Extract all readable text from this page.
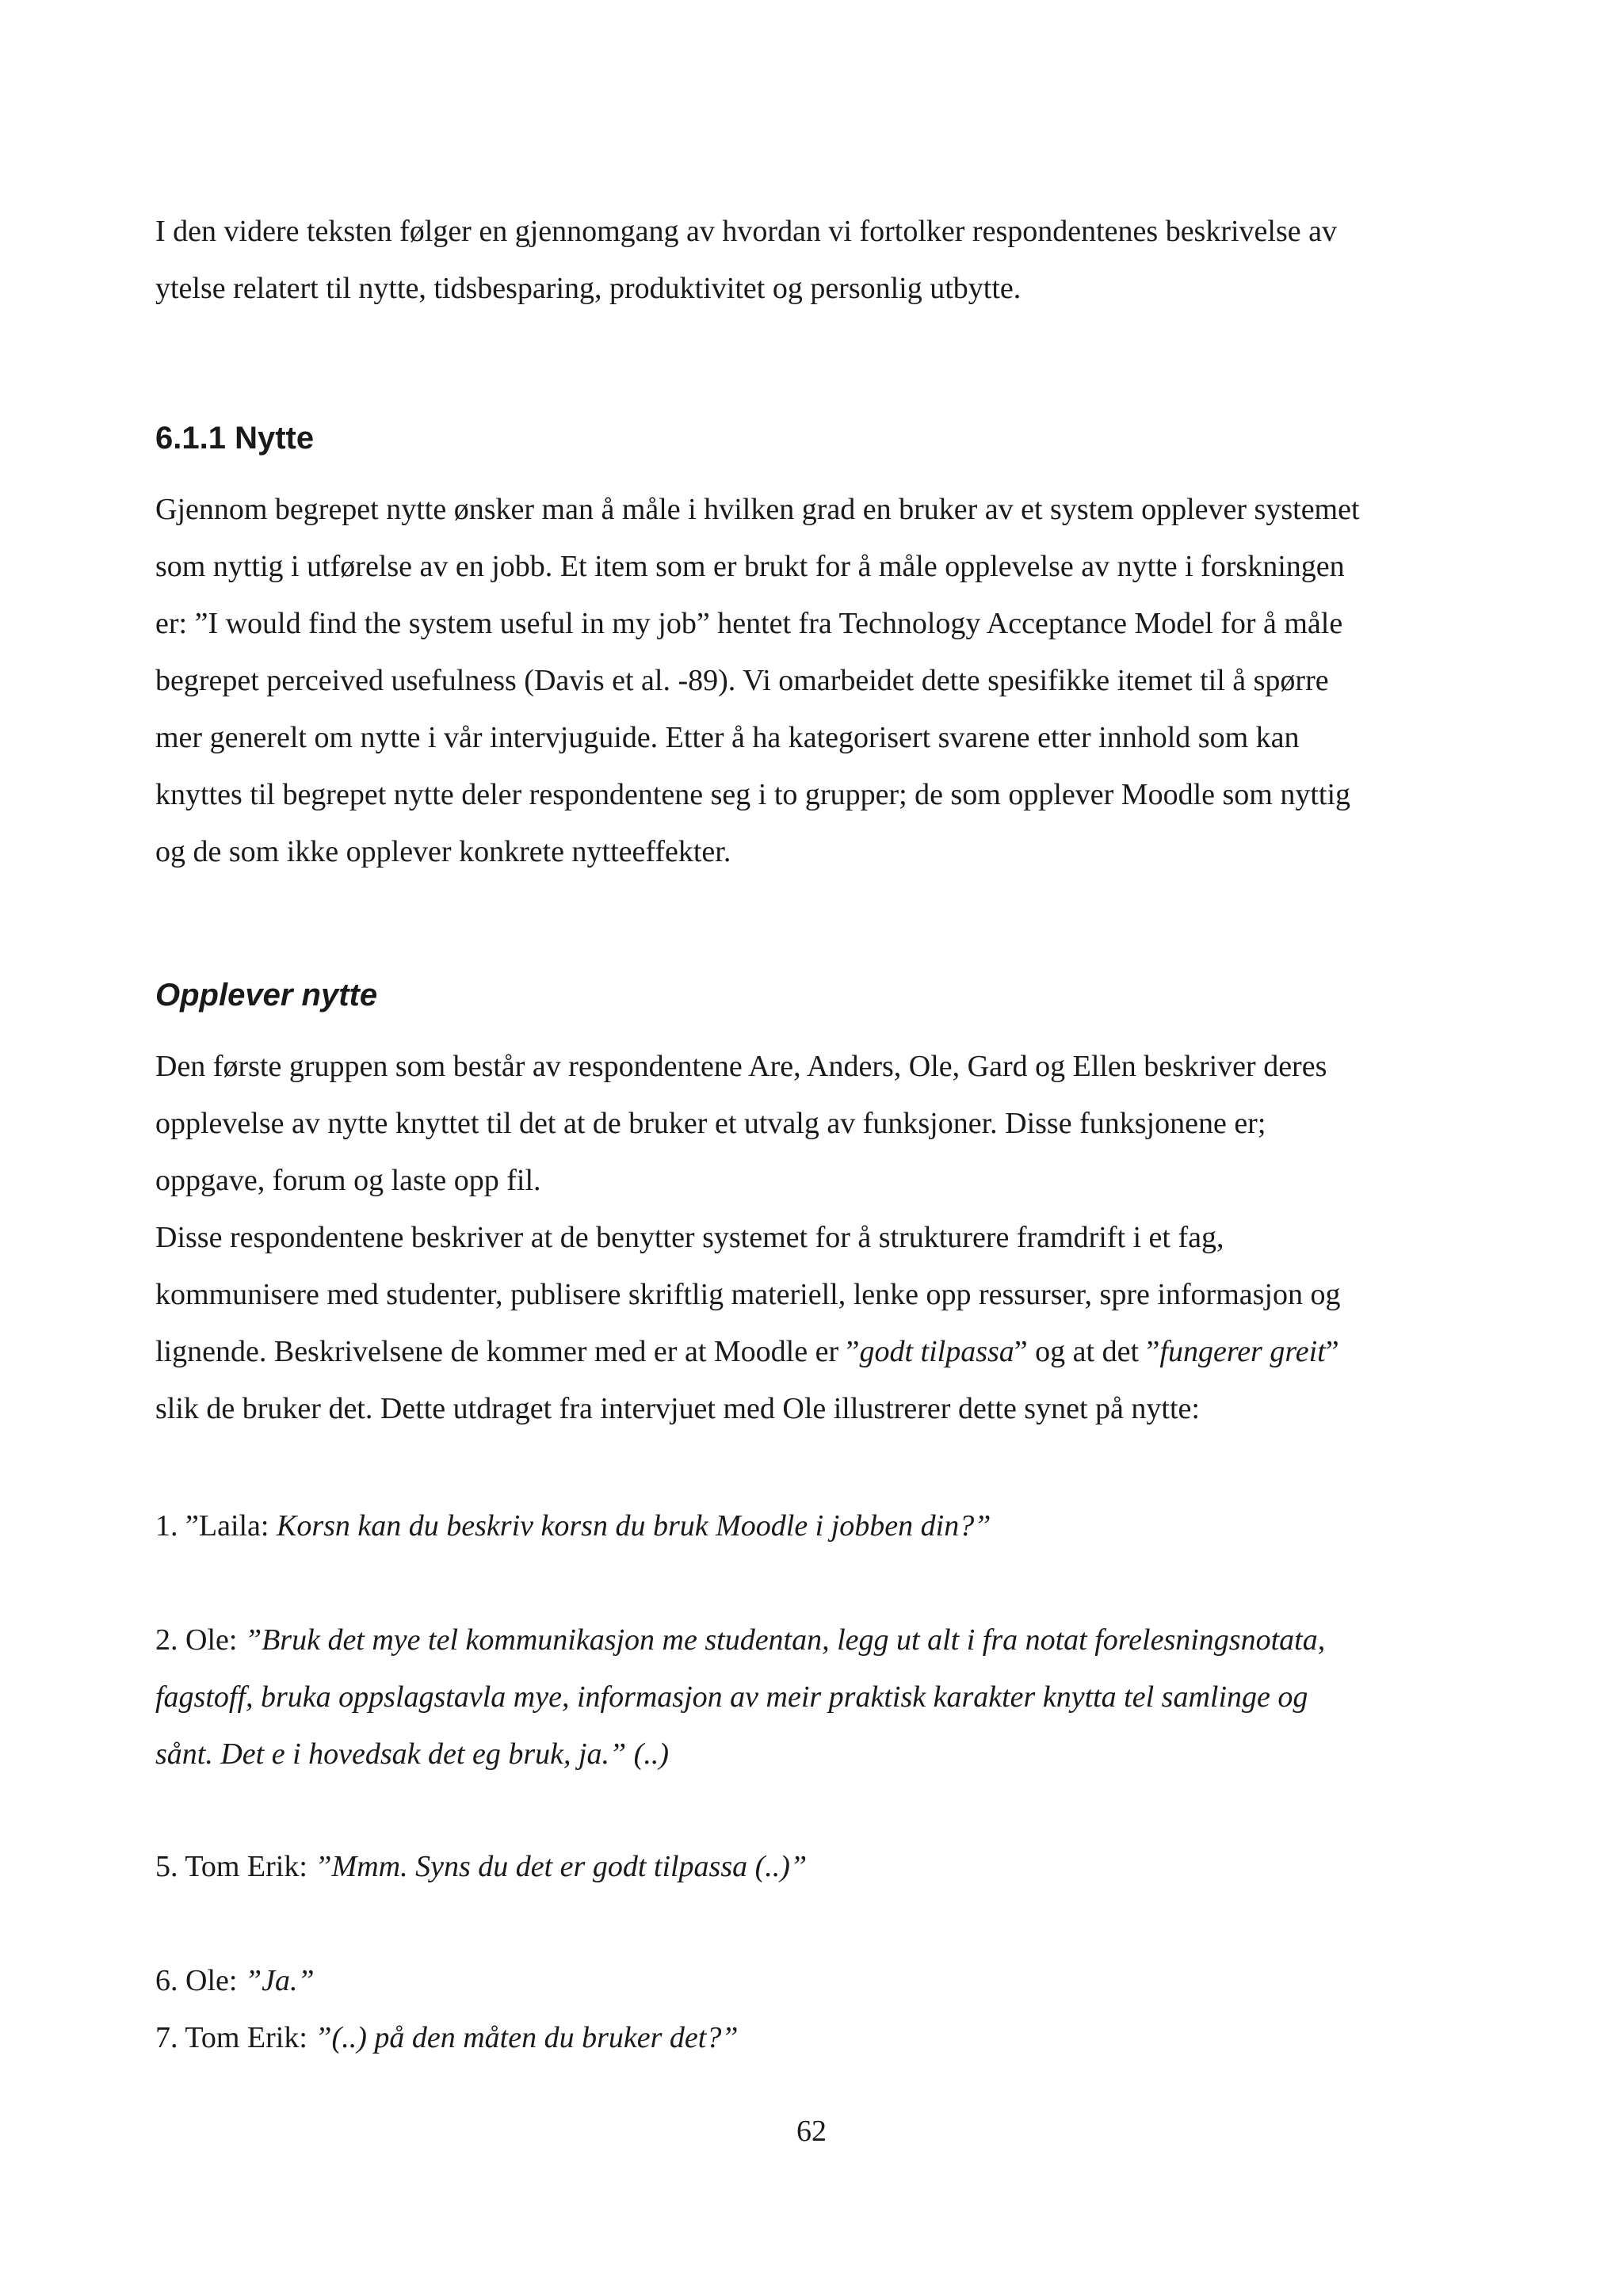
I den videre teksten følger en gjennomgang av hvordan vi fortolker respondentenes beskrivelse av
ytelse relatert til nytte, tidsbesparing, produktivitet og personlig utbytte.

6.1.1 Nytte

Gjennom begrepet nytte ønsker man å måle i hvilken grad en bruker av et system opplever systemet
som nyttig i utførelse av en jobb. Et item som er brukt for å måle opplevelse av nytte i forskningen
er: ”I would find the system useful in my job” hentet fra Technology Acceptance Model for å måle
begrepet perceived usefulness (Davis et al. -89). Vi omarbeidet dette spesifikke itemet til å spørre
mer generelt om nytte i vår intervjuguide. Etter å ha kategorisert svarene etter innhold som kan
knyttes til begrepet nytte deler respondentene seg i to grupper; de som opplever Moodle som nyttig
og de som ikke opplever konkrete nytteeffekter.

Opplever nytte

Den første gruppen som består av respondentene Are, Anders, Ole, Gard og Ellen beskriver deres
opplevelse av nytte knyttet til det at de bruker et utvalg av funksjoner. Disse funksjonene er;
oppgave, forum og laste opp fil.
Disse respondentene beskriver at de benytter systemet for å strukturere framdrift i et fag,
kommunisere med studenter, publisere skriftlig materiell, lenke opp ressurser, spre informasjon og
lignende. Beskrivelsene de kommer med er at Moodle er ”godt tilpassa” og at det ”fungerer greit”
slik de bruker det. Dette utdraget fra intervjuet med Ole illustrerer dette synet på nytte:

1. ”Laila: Korsn kan du beskriv korsn du bruk Moodle i jobben din?”

2. Ole: ”Bruk det mye tel kommunikasjon me studentan, legg ut alt i fra notat forelesningsnotata,
fagstoff, bruka oppslagstavla mye, informasjon av meir praktisk karakter knytta tel samlinge og
sånt. Det e i hovedsak det eg bruk, ja.” (..)

5. Tom Erik: ”Mmm. Syns du det er godt tilpassa (..)”

6. Ole: ”Ja.”
7. Tom Erik: ”(..) på den måten du bruker det?”

62
